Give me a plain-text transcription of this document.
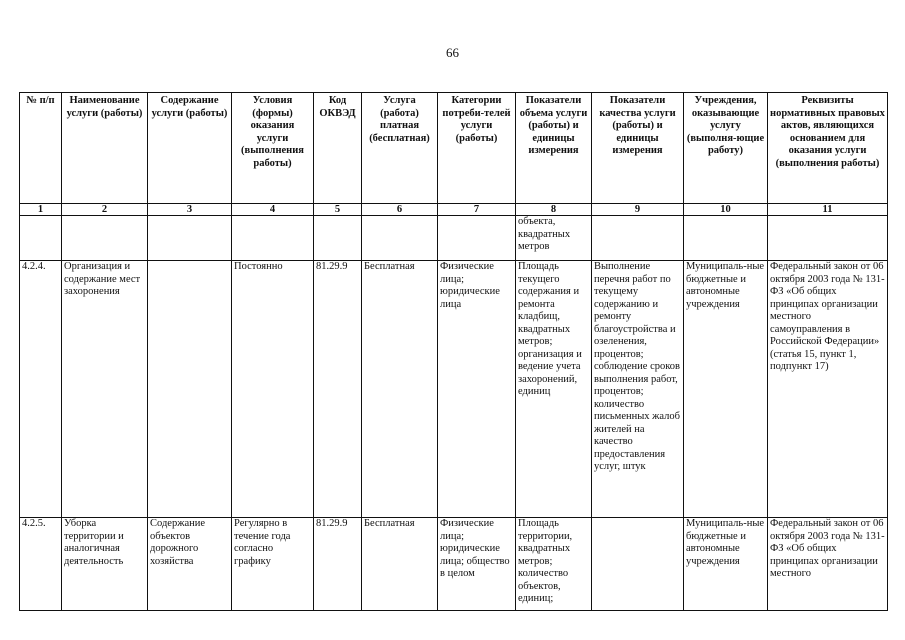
66
№ п/п	Наименование услуги (работы)	Содержание услуги (работы)	Условия (формы) оказания услуги (выполнения работы)	Код ОКВЭД	Услуга (работа) платная (бесплатная)	Категории потреби-телей услуги (работы)	Показатели объема услуги (работы) и единицы измерения	Показатели качества услуги (работы) и единицы измерения	Учреждения, оказывающие услугу (выполня-ющие работу)	Реквизиты нормативных правовых актов, являющихся основанием для оказания услуги (выполнения работы)
1	2	3	4	5	6	7	8	9	10	11
							объекта, квадратных метров			
4.2.4.	Организация и содержание мест захоронения		Постоянно	81.29.9	Бесплатная	Физические лица; юридические лица	Площадь текущего содержания и ремонта кладбищ, квадратных метров; организация и ведение учета захоронений, единиц	Выполнение перечня работ по текущему содержанию и ремонту благоустройства и озеленения, процентов; соблюдение сроков выполнения работ, процентов; количество письменных жалоб жителей на качество предоставления услуг, штук	Муниципаль-ные бюджетные и автономные учреждения	Федеральный закон от 06 октября 2003 года № 131-ФЗ «Об общих принципах организации местного самоуправления в Российской Федерации» (статья 15, пункт 1, подпункт 17)
4.2.5.	Уборка территории и аналогичная деятельность	Содержание объектов дорожного хозяйства	Регулярно в течение года согласно графику	81.29.9	Бесплатная	Физические лица; юридические лица; общество в целом	Площадь территории, квадратных метров; количество объектов, единиц;		Муниципаль-ные бюджетные и автономные учреждения	Федеральный закон от 06 октября 2003 года № 131-ФЗ «Об общих принципах организации местного
